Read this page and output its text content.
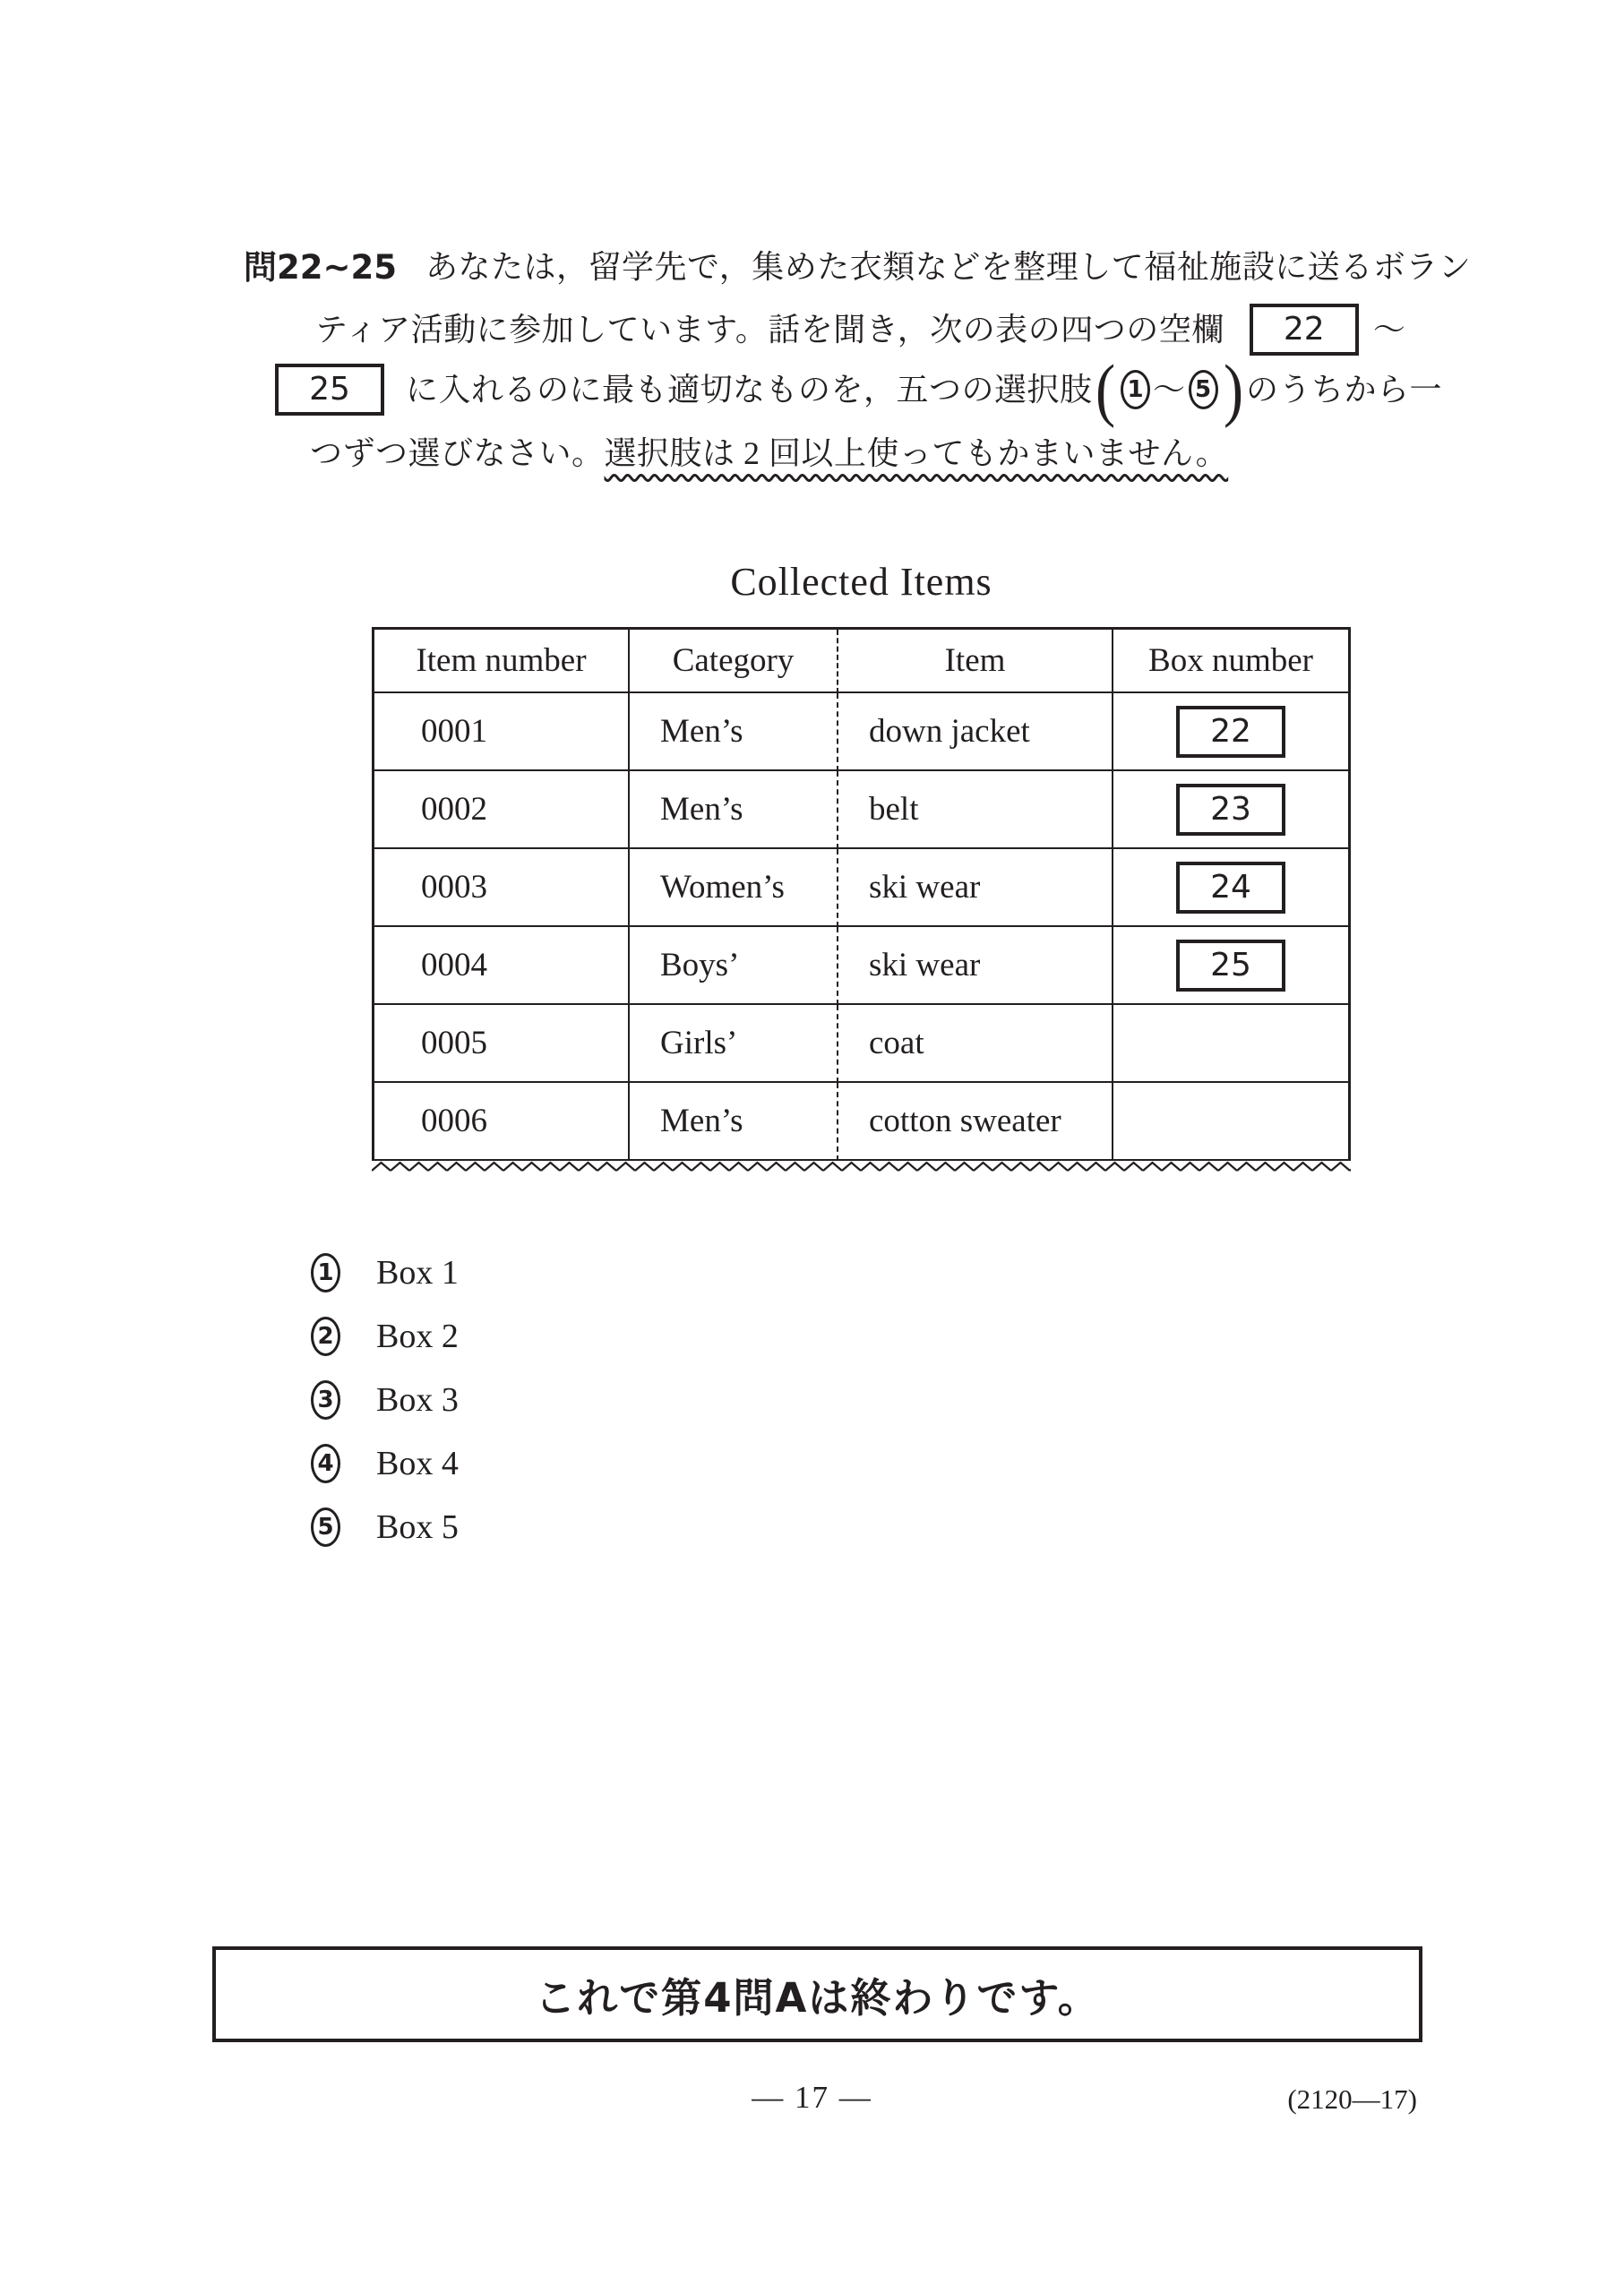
問22~25 あなたは，留学先で，集めた衣類などを整理して福祉施設に送るボラン
ティア活動に参加しています。話を聞き，次の表の四つの空欄	22	～
25	に入れるのに最も適切なものを，五つの選択肢 ( 1 ～ 5 ) のうちから一
つずつ選びなさい。 選択肢は 2 回以上使ってもかまいません。
Collected Items
Item number	Category	Item	Box number
0001	Men’s	down jacket	22
0002	Men’s	belt	23
0003	Women’s	ski wear	24
0004	Boys’	ski wear	25
0005	Girls’	coat
0006	Men’s	cotton sweater
1 Box 1
2 Box 2
3 Box 3
4 Box 4
5 Box 5
これで第4問Aは終わりです。
— 17 —	(2120—17)
